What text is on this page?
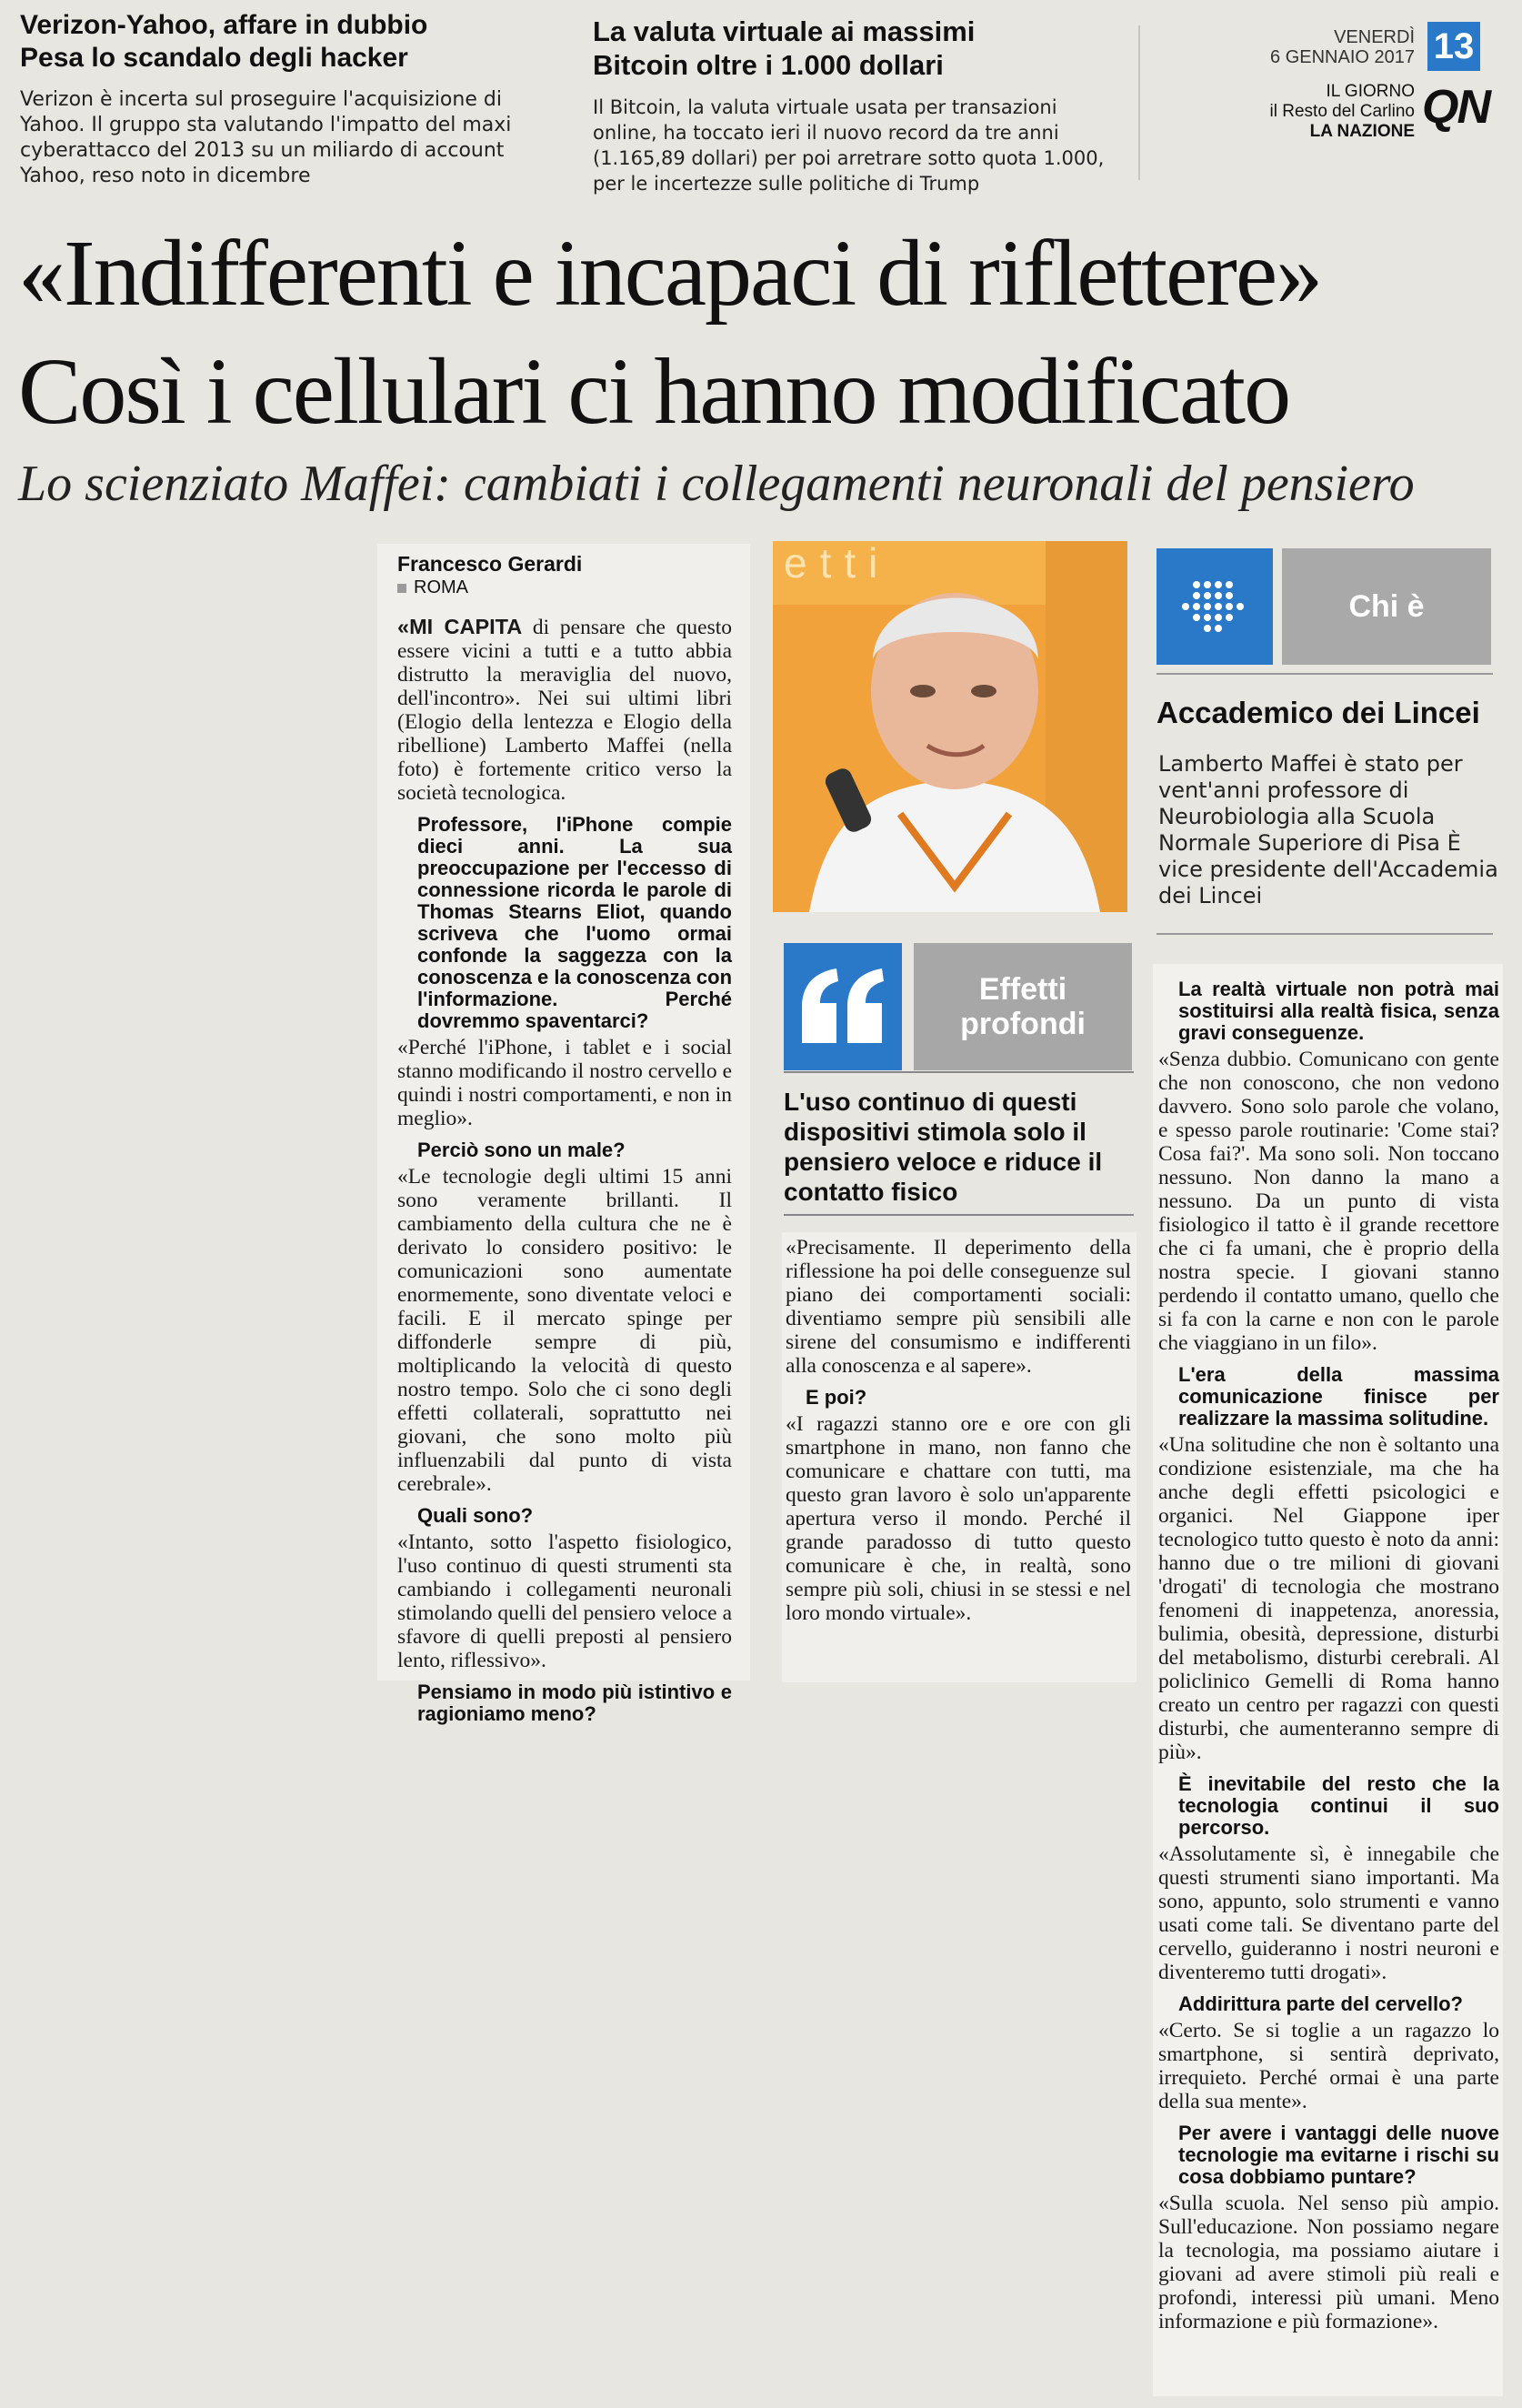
Verizon-Yahoo, affare in dubbio
Pesa lo scandalo degli hacker
Verizon è incerta sul proseguire l'acquisizione di Yahoo. Il gruppo sta valutando l'impatto del maxi cyberattacco del 2013 su un miliardo di account Yahoo, reso noto in dicembre
La valuta virtuale ai massimi
Bitcoin oltre i 1.000 dollari
Il Bitcoin, la valuta virtuale usata per transazioni online, ha toccato ieri il nuovo record da tre anni (1.165,89 dollari) per poi arretrare sotto quota 1.000, per le incertezze sulle politiche di Trump
VENERDÌ
6 GENNAIO 2017 13
IL GIORNO
il Resto del Carlino
LA NAZIONE QN
«Indifferenti e incapaci di riflettere»
Così i cellulari ci hanno modificato
Lo scienziato Maffei: cambiati i collegamenti neuronali del pensiero
Francesco Gerardi
ROMA

«MI CAPITA di pensare che questo essere vicini a tutti e a tutto abbia distrutto la meraviglia del nuovo, dell'incontro». Nei sui ultimi libri (Elogio della lentezza e Elogio della ribellione) Lamberto Maffei (nella foto) è fortemente critico verso la società tecnologica.

Professore, l'iPhone compie dieci anni. La sua preoccupazione per l'eccesso di connessione ricorda le parole di Thomas Stearns Eliot, quando scriveva che l'uomo ormai confonde la saggezza con la conoscenza e la conoscenza con l'informazione. Perché dovremmo spaventarci?

«Perché l'iPhone, i tablet e i social stanno modificando il nostro cervello e quindi i nostri comportamenti, e non in meglio».

Perciò sono un male?

«Le tecnologie degli ultimi 15 anni sono veramente brillanti. Il cambiamento della cultura che ne è derivato lo considero positivo: le comunicazioni sono aumentate enormemente, sono diventate veloci e facili. E il mercato spinge per diffonderle sempre di più, moltiplicando la velocità di questo nostro tempo. Solo che ci sono degli effetti collaterali, soprattutto nei giovani, che sono molto più influenzabili dal punto di vista cerebrale».

Quali sono?

«Intanto, sotto l'aspetto fisiologico, l'uso continuo di questi strumenti sta cambiando i collegamenti neuronali stimolando quelli del pensiero veloce a sfavore di quelli preposti al pensiero lento, riflessivo».

Pensiamo in modo più istintivo e ragioniamo meno?
etti
Effetti profondi
L'uso continuo di questi dispositivi stimola solo il pensiero veloce e riduce il contatto fisico

«Precisamente. Il deperimento della riflessione ha poi delle conseguenze sul piano dei comportamenti sociali: diventiamo sempre più sensibili alle sirene del consumismo e indifferenti alla conoscenza e al sapere».

E poi?

«I ragazzi stanno ore e ore con gli smartphone in mano, non fanno che comunicare e chattare con tutti, ma questo gran lavoro è solo un'apparente apertura verso il mondo. Perché il grande paradosso di tutto questo comunicare è che, in realtà, sono sempre più soli, chiusi in se stessi e nel loro mondo virtuale».

Chi è
Accademico dei Lincei
Lamberto Maffei è stato per vent'anni professore di Neurobiologia alla Scuola Normale Superiore di Pisa È vice presidente dell'Accademia dei Lincei
La realtà virtuale non potrà mai sostituirsi alla realtà fisica, senza gravi conseguenze.

«Senza dubbio. Comunicano con gente che non conoscono, che non vedono davvero. Sono solo parole che volano, e spesso parole routinarie: 'Come stai? Cosa fai?'. Ma sono soli. Non toccano nessuno. Non danno la mano a nessuno. Da un punto di vista fisiologico il tatto è il grande recettore che ci fa umani, che è proprio della nostra specie. I giovani stanno perdendo il contatto umano, quello che si fa con la carne e non con le parole che viaggiano in un filo».

L'era della massima comunicazione finisce per realizzare la massima solitudine.

«Una solitudine che non è soltanto una condizione esistenziale, ma che ha anche degli effetti psicologici e organici. Nel Giappone iper tecnologico tutto questo è noto da anni: hanno due o tre milioni di giovani 'drogati' di tecnologia che mostrano fenomeni di inappetenza, anoressia, bulimia, obesità, depressione, disturbi del metabolismo, disturbi cerebrali. Al policlinico Gemelli di Roma hanno creato un centro per ragazzi con questi disturbi, che aumenteranno sempre di più».

È inevitabile del resto che la tecnologia continui il suo percorso.

«Assolutamente sì, è innegabile che questi strumenti siano importanti. Ma sono, appunto, solo strumenti e vanno usati come tali. Se diventano parte del cervello, guideranno i nostri neuroni e diventeremo tutti drogati».

Addirittura parte del cervello?

«Certo. Se si toglie a un ragazzo lo smartphone, si sentirà deprivato, irrequieto. Perché ormai è una parte della sua mente».

Per avere i vantaggi delle nuove tecnologie ma evitarne i rischi su cosa dobbiamo puntare?

«Sulla scuola. Nel senso più ampio. Sull'educazione. Non possiamo negare la tecnologia, ma possiamo aiutare i giovani ad avere stimoli più reali e profondi, interessi più umani. Meno informazione e più formazione».
